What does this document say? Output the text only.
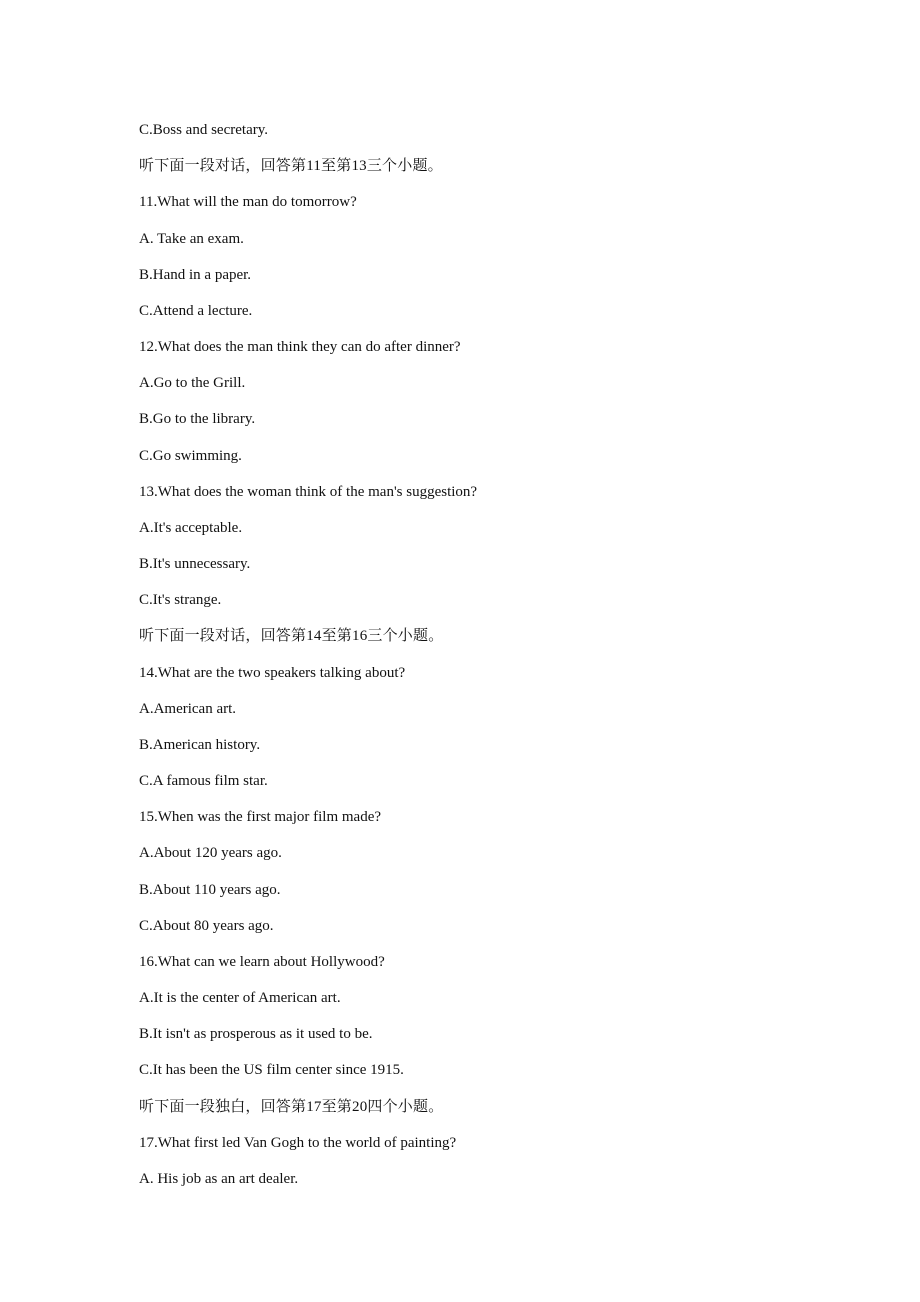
C.Boss and secretary.
听下面一段对话，回答第11至第13三个小题。
11.What will the man do tomorrow?
A. Take an exam.
B.Hand in a paper.
C.Attend a lecture.
12.What does the man think they can do after dinner?
A.Go to the Grill.
B.Go to the library.
C.Go swimming.
13.What does the woman think of the man's suggestion?
A.It's acceptable.
B.It's unnecessary.
C.It's strange.
听下面一段对话，回答第14至第16三个小题。
14.What are the two speakers talking about?
A.American art.
B.American history.
C.A famous film star.
15.When was the first major film made?
A.About 120 years ago.
B.About 110 years ago.
C.About 80 years ago.
16.What can we learn about Hollywood?
A.It is the center of American art.
B.It isn't as prosperous as it used to be.
C.It has been the US film center since 1915.
听下面一段独白，回答第17至第20四个小题。
17.What first led Van Gogh to the world of painting?
A. His job as an art dealer.
